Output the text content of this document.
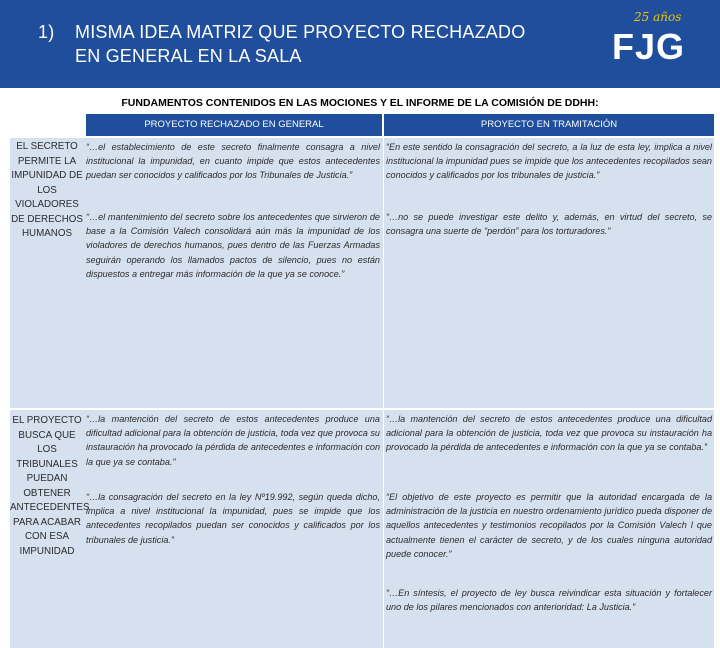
1) MISMA IDEA MATRIZ QUE PROYECTO RECHAZADO EN GENERAL EN LA SALA
25 años
FJG
FUNDAMENTOS CONTENIDOS EN LAS MOCIONES Y EL INFORME DE LA COMISIÓN DE DDHH:
PROYECTO RECHAZADO EN GENERAL	PROYECTO EN TRAMITACIÓN
EL SECRETO PERMITE LA IMPUNIDAD DE LOS VIOLADORES DE DERECHOS HUMANOS
“…el establecimiento de este secreto finalmente consagra a nivel institucional la impunidad, en cuanto impide que estos antecedentes puedan ser conocidos y calificados por los Tribunales de Justicia.”
“…el mantenimiento del secreto sobre los antecedentes que sirvieron de base a la Comisión Valech consolidará aún más la impunidad de los violadores de derechos humanos, pues dentro de las Fuerzas Armadas seguirán operando los llamados pactos de silencio, pues no están dispuestos a entregar más información de la que ya se conoce.”
“En este sentido la consagración del secreto, a la luz de esta ley, implica a nivel institucional la impunidad pues se impide que los antecedentes recopilados sean conocidos y calificados por los tribunales de justicia.”
“…no se puede investigar este delito y, además, en virtud del secreto, se consagra una suerte de “perdón” para los torturadores.”
EL PROYECTO BUSCA QUE LOS TRIBUNALES PUEDAN OBTENER ANTECEDENTES PARA ACABAR CON ESA IMPUNIDAD
“…la mantención del secreto de estos antecedentes produce una dificultad adicional para la obtención de justicia, toda vez que provoca su instauración ha provocado la pérdida de antecedentes e información con la que ya se contaba.”
“…la consagración del secreto en la ley Nº19.992, según queda dicho, implica a nivel institucional la impunidad, pues se impide que los antecedentes recopilados puedan ser conocidos y calificados por los tribunales de justicia.”
“…la mantención del secreto de estos antecedentes produce una dificultad adicional para la obtención de justicia, toda vez que provoca su instauración ha provocado la pérdida de antecedentes e información con la que ya se contaba.”
“El objetivo de este proyecto es permitir que la autoridad encargada de la administración de la justicia en nuestro ordenamiento jurídico pueda disponer de aquellos antecedentes y testimonios recopilados por la Comisión Valech I que actualmente tienen el carácter de secreto, y de los cuales ninguna autoridad puede conocer.”
“…En síntesis, el proyecto de ley busca reivindicar esta situación y fortalecer uno de los pilares mencionados con anterioridad: La Justicia.”
